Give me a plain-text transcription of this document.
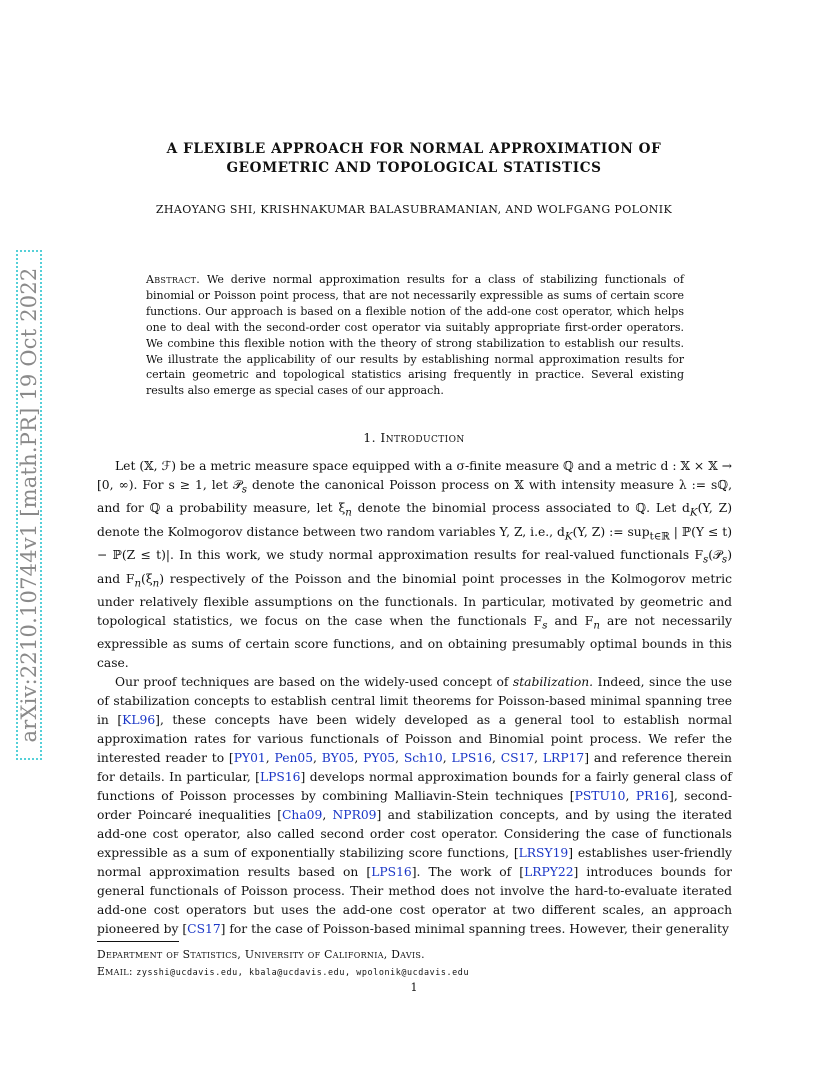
arXiv:2210.10744v1 [math.PR] 19 Oct 2022
A FLEXIBLE APPROACH FOR NORMAL APPROXIMATION OF
GEOMETRIC AND TOPOLOGICAL STATISTICS
ZHAOYANG SHI, KRISHNAKUMAR BALASUBRAMANIAN, AND WOLFGANG POLONIK
Abstract. We derive normal approximation results for a class of stabilizing functionals of binomial or Poisson point process, that are not necessarily expressible as sums of certain score functions. Our approach is based on a flexible notion of the add-one cost operator, which helps one to deal with the second-order cost operator via suitably appropriate first-order operators. We combine this flexible notion with the theory of strong stabilization to establish our results. We illustrate the applicability of our results by establishing normal approximation results for certain geometric and topological statistics arising frequently in practice. Several existing results also emerge as special cases of our approach.
1. Introduction

Let (𝕏, ℱ) be a metric measure space equipped with a σ-finite measure ℚ and a metric d : 𝕏 × 𝕏 → [0, ∞). For s ≥ 1, let 𝒫$_s$ denote the canonical Poisson process on 𝕏 with intensity measure λ := sℚ, and for ℚ a probability measure, let $\xi_n$ denote the binomial process associated to ℚ. Let $d_K(Y$, Z) denote the Kolmogorov distance between two random variables Y, Z, i.e., $d_K(Y$, Z) := sup$_{t\in ℝ}$ | ℙ(Y ≤ t) − ℙ(Z ≤ t)|. In this work, we study normal approximation results for real-valued functionals $F_s(𝒫_s)$ and $F_n(\xi_n)$ respectively of the Poisson and the binomial point processes in the Kolmogorov metric under relatively flexible assumptions on the functionals. In particular, motivated by geometric and topological statistics, we focus on the case when the functionals $F_s$ and $F_n$ are not necessarily expressible as sums of certain score functions, and on obtaining presumably optimal bounds in this case.

Our proof techniques are based on the widely-used concept of stabilization. Indeed, since the use of stabilization concepts to establish central limit theorems for Poisson-based minimal spanning tree in [KL96], these concepts have been widely developed as a general tool to establish normal approximation rates for various functionals of Poisson and Binomial point process. We refer the interested reader to [PY01, Pen05, BY05, PY05, Sch10, LPS16, CS17, LRP17] and reference therein for details. In particular, [LPS16] develops normal approximation bounds for a fairly general class of functions of Poisson processes by combining Malliavin-Stein techniques [PSTU10, PR16], second-order Poincaré inequalities [Cha09, NPR09] and stabilization concepts, and by using the iterated add-one cost operator, also called second order cost operator. Considering the case of functionals expressible as a sum of exponentially stabilizing score functions, [LRSY19] establishes user-friendly normal approximation results based on [LPS16]. The work of [LRPY22] introduces bounds for general functionals of Poisson process. Their method does not involve the hard-to-evaluate iterated add-one cost operators but uses the add-one cost operator at two different scales, an approach pioneered by [CS17] for the case of Poisson-based minimal spanning trees. However, their generality

Department of Statistics, University of California, Davis.
Email: zysshi@ucdavis.edu, kbala@ucdavis.edu, wpolonik@ucdavis.edu
1
